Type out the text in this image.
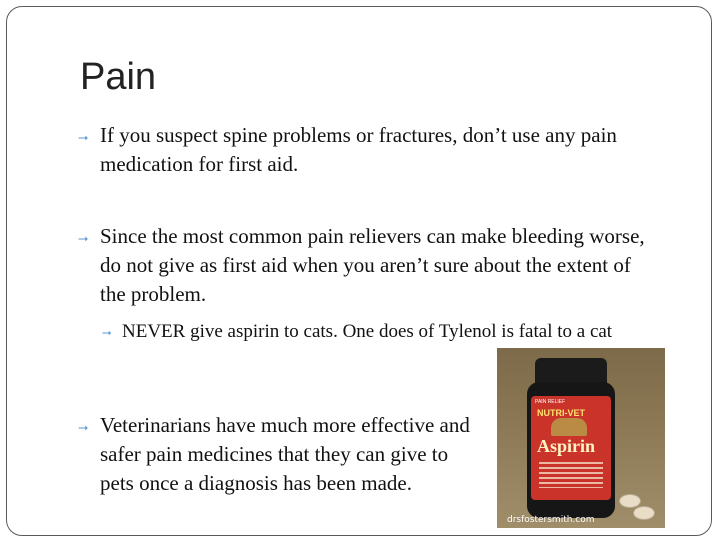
Pain
⭢ If you suspect spine problems or fractures, don’t use any pain medication for first aid.
⭢ Since the most common pain relievers can make bleeding worse, do not give as first aid when you aren’t sure about the extent of the problem.
⭢ NEVER give aspirin to cats. One does of Tylenol is fatal to a cat
⭢ Veterinarians have much more effective and safer pain medicines that they can give to pets once a diagnosis has been made.
PAIN RELIEF
NUTRI-VET
Aspirin
drsfostersmith.com
